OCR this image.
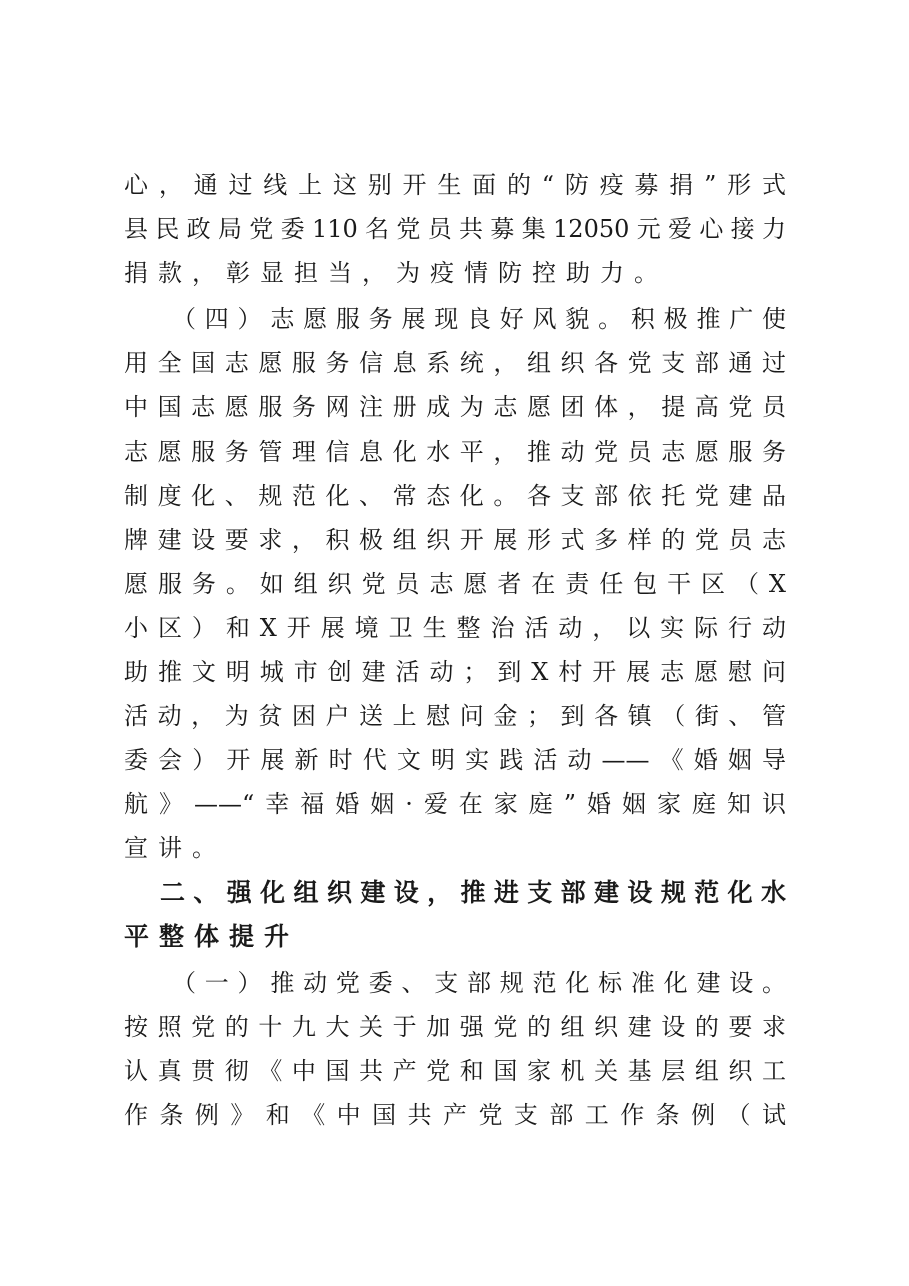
心，通过线上这别开生面的“防疫募捐”形式
县民政局党委110名党员共募集12050元爱心接力
捐款，彰显担当，为疫情防控助力。
（四）志愿服务展现良好风貌。积极推广使
用全国志愿服务信息系统，组织各党支部通过
中国志愿服务网注册成为志愿团体，提高党员
志愿服务管理信息化水平，推动党员志愿服务
制度化、规范化、常态化。各支部依托党建品
牌建设要求，积极组织开展形式多样的党员志
愿服务。如组织党员志愿者在责任包干区（X
小区）和X开展境卫生整治活动，以实际行动
助推文明城市创建活动；到X村开展志愿慰问
活动，为贫困户送上慰问金；到各镇（街、管
委会）开展新时代文明实践活动——《婚姻导
航》——“幸福婚姻·爱在家庭”婚姻家庭知识
宣讲。
二、强化组织建设，推进支部建设规范化水
平整体提升
（一）推动党委、支部规范化标准化建设。
按照党的十九大关于加强党的组织建设的要求
认真贯彻《中国共产党和国家机关基层组织工
作条例》和《中国共产党支部工作条例（试
